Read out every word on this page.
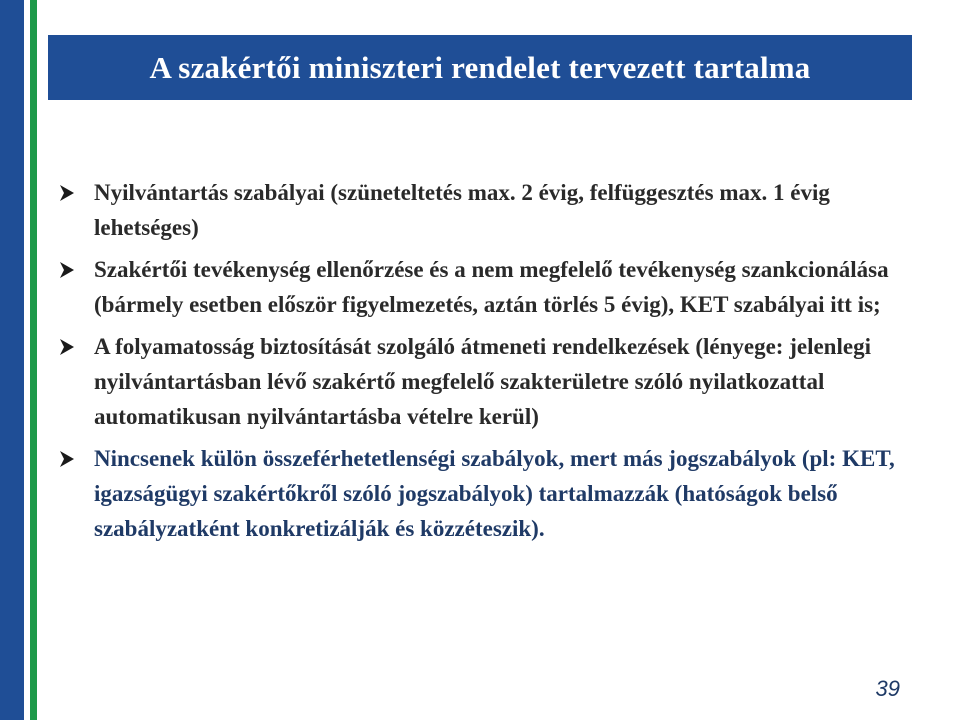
A szakértői miniszteri rendelet tervezett tartalma
Nyilvántartás szabályai (szüneteltetés max. 2 évig, felfüggesztés max. 1 évig lehetséges)
Szakértői tevékenység ellenőrzése és a nem megfelelő tevékenység szankcionálása (bármely esetben először figyelmezetés, aztán törlés 5 évig), KET szabályai itt is;
A folyamatosság biztosítását szolgáló átmeneti rendelkezések (lényege: jelenlegi nyilvántartásban lévő szakértő megfelelő szakterületre szóló nyilatkozattal automatikusan nyilvántartásba vételre kerül)
Nincsenek külön összeférhetetlenségi szabályok, mert más jogszabályok (pl: KET, igazságügyi szakértőkről szóló jogszabályok) tartalmazzák (hatóságok belső szabályzatként konkretizálják és közzéteszik).
39
